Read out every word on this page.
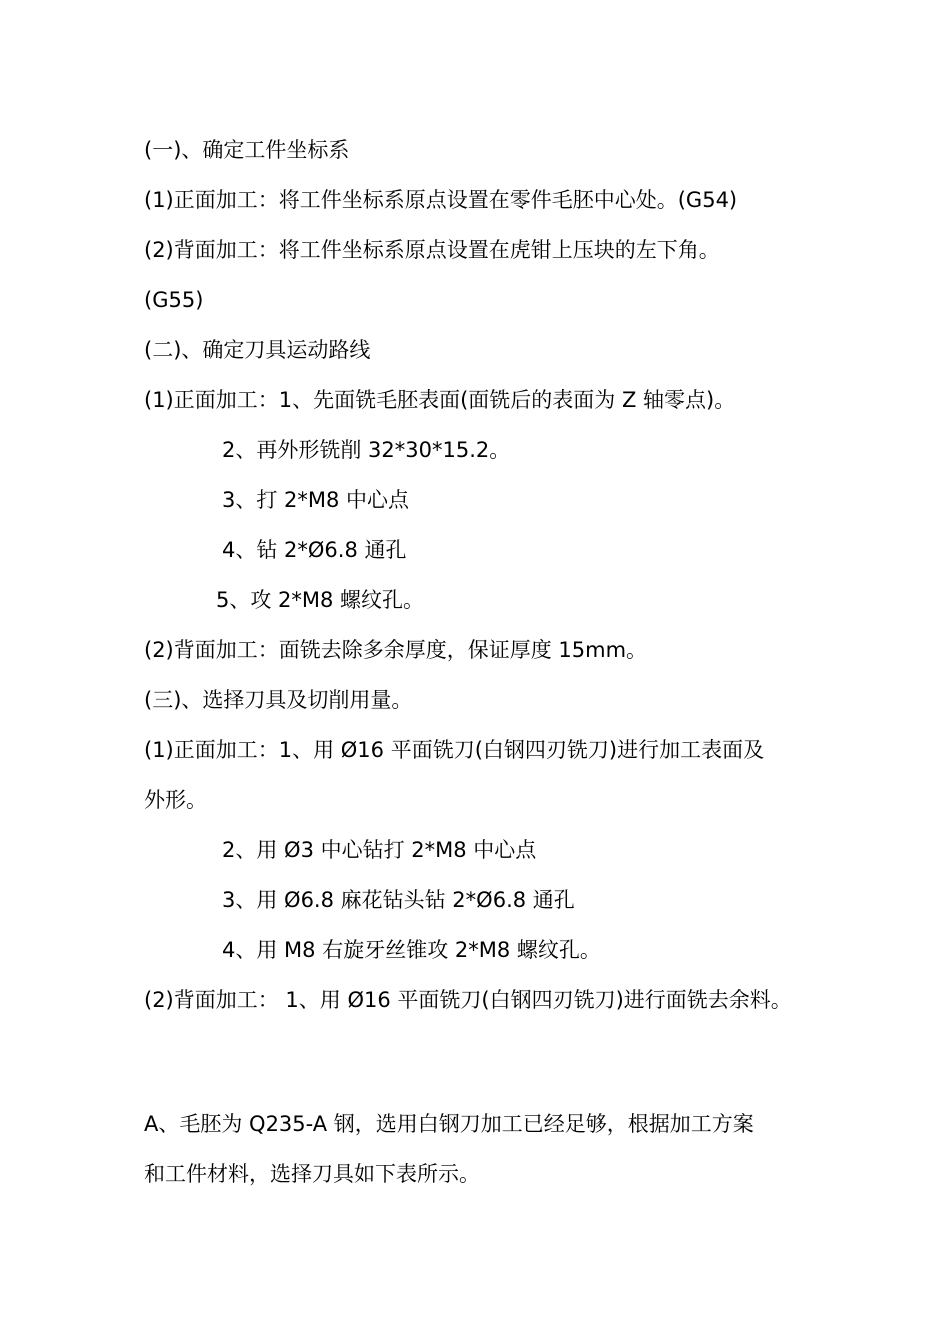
(一)、确定工件坐标系
(1)正面加工：将工件坐标系原点设置在零件毛胚中心处。(G54)
(2)背面加工：将工件坐标系原点设置在虎钳上压块的左下角。
(G55)
(二)、确定刀具运动路线
(1)正面加工：1、先面铣毛胚表面(面铣后的表面为 Z 轴零点)。
2、再外形铣削 32*30*15.2。
3、打 2*M8 中心点
4、钻 2*Ø6.8 通孔
5、攻 2*M8 螺纹孔。
(2)背面加工：面铣去除多余厚度，保证厚度 15mm。
(三)、选择刀具及切削用量。
(1)正面加工：1、用 Ø16 平面铣刀(白钢四刃铣刀)进行加工表面及
外形。
2、用 Ø3 中心钻打 2*M8 中心点
3、用 Ø6.8 麻花钻头钻 2*Ø6.8 通孔
4、用 M8 右旋牙丝锥攻 2*M8 螺纹孔。
(2)背面加工： 1、用 Ø16 平面铣刀(白钢四刃铣刀)进行面铣去余料。
A、毛胚为 Q235-A 钢，选用白钢刀加工已经足够，根据加工方案
和工件材料，选择刀具如下表所示。
